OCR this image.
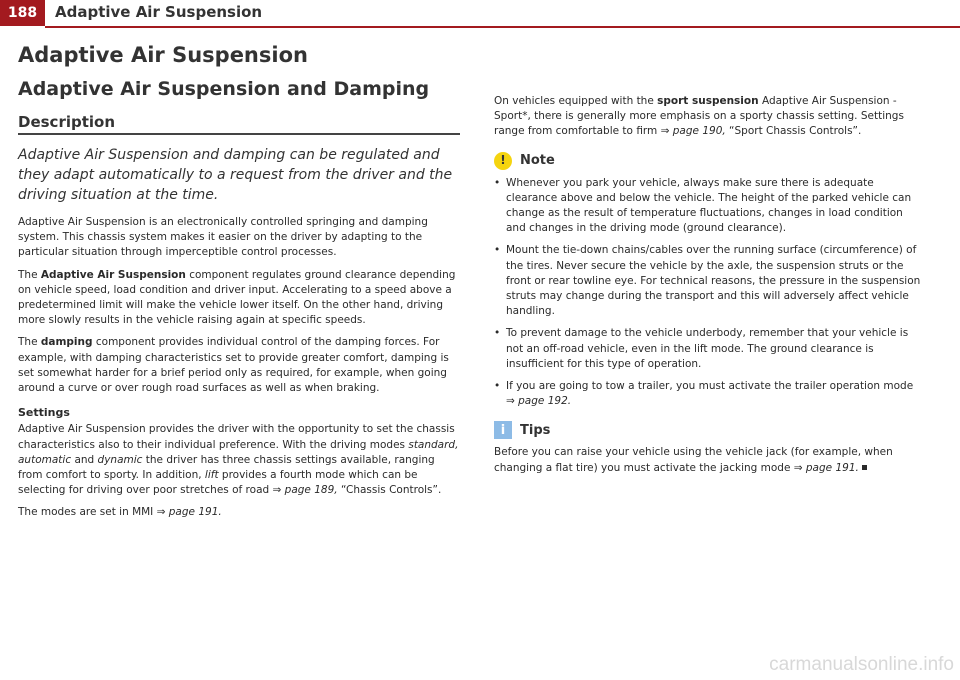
188	Adaptive Air Suspension
Adaptive Air Suspension
Adaptive Air Suspension and Damping
Description

Adaptive Air Suspension and damping can be regulated and they adapt automatically to a request from the driver and the driving situation at the time.

Adaptive Air Suspension is an electronically controlled springing and damping system. This chassis system makes it easier on the driver by adapting to the particular situation through imperceptible control processes.

The Adaptive Air Suspension component regulates ground clearance depending on vehicle speed, load condition and driver input. Accelerating to a speed above a predetermined limit will make the vehicle lower itself. On the other hand, driving more slowly results in the vehicle raising again at specific speeds.

The damping component provides individual control of the damping forces. For example, with damping characteristics set to provide greater comfort, damping is set somewhat harder for a brief period only as required, for example, when going around a curve or over rough road surfaces as well as when braking.

Settings

Adaptive Air Suspension provides the driver with the opportunity to set the chassis characteristics also to their individual preference. With the driving modes standard, automatic and dynamic the driver has three chassis settings available, ranging from comfort to sporty. In addition, lift provides a fourth mode which can be selecting for driving over poor stretches of road ⇒ page 189, “Chassis Controls”.

The modes are set in MMI ⇒ page 191.

On vehicles equipped with the sport suspension Adaptive Air Suspension - Sport*, there is generally more emphasis on a sporty chassis setting. Settings range from comfortable to firm ⇒ page 190, “Sport Chassis Controls”.

!	Note

• Whenever you park your vehicle, always make sure there is adequate clearance above and below the vehicle. The height of the parked vehicle can change as the result of temperature fluctuations, changes in load condition and changes in the driving mode (ground clearance).

• Mount the tie-down chains/cables over the running surface (circumference) of the tires. Never secure the vehicle by the axle, the suspension struts or the front or rear towline eye. For technical reasons, the pressure in the suspension struts may change during the transport and this will adversely affect vehicle handling.

• To prevent damage to the vehicle underbody, remember that your vehicle is not an off-road vehicle, even in the lift mode. The ground clearance is insufficient for this type of operation.

• If you are going to tow a trailer, you must activate the trailer operation mode ⇒ page 192.

i	Tips

Before you can raise your vehicle using the vehicle jack (for example, when changing a flat tire) you must activate the jacking mode ⇒ page 191.

carmanualsonline.info
